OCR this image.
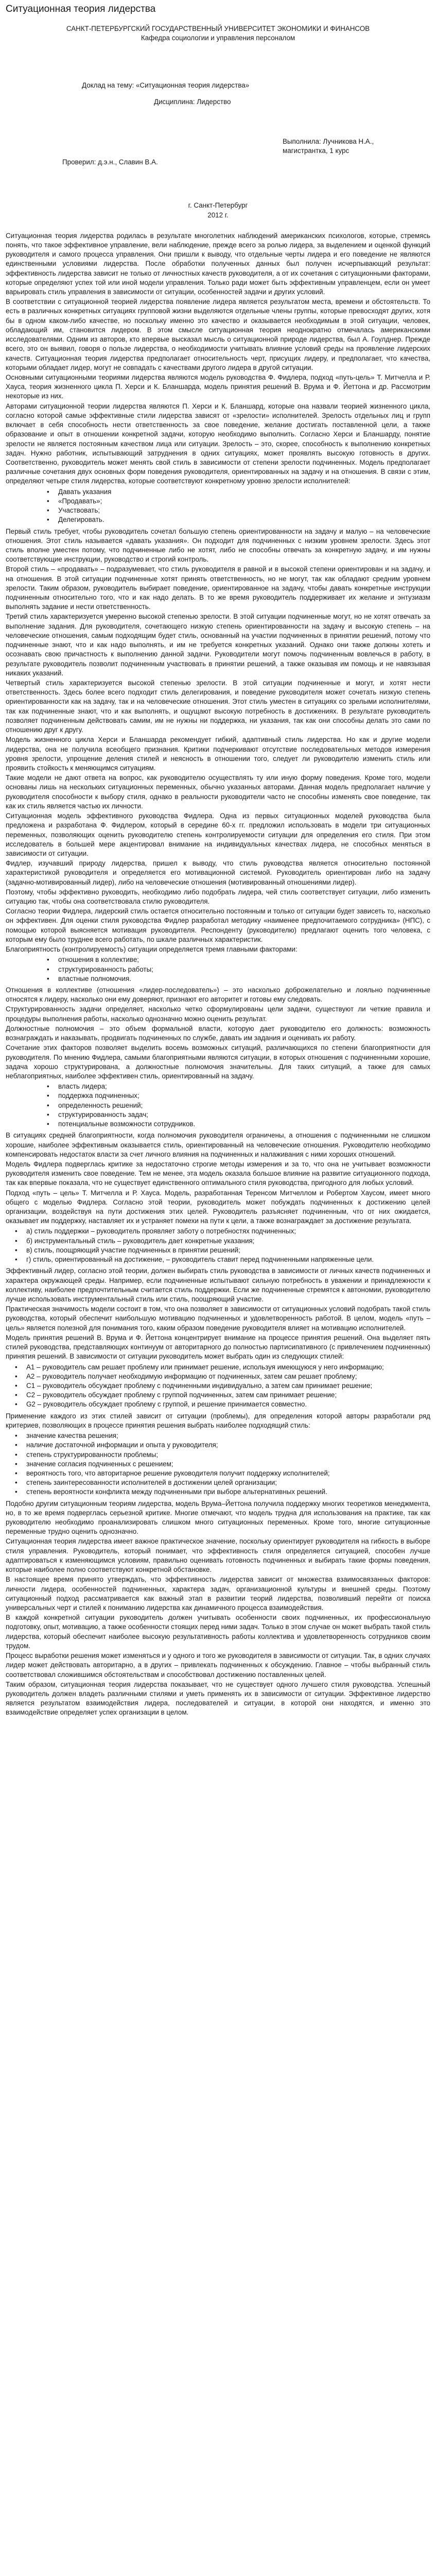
Ситуационная теория лидерства

САНКТ-ПЕТЕРБУРГСКИЙ ГОСУДАРСТВЕННЫЙ УНИВЕРСИТЕТ ЭКОНОМИКИ И ФИНАНСОВ

Кафедра социологии и управления персоналом

Доклад на тему: «Ситуационная теория лидерства»

Дисциплина: Лидерство

Выполнила: Лучникова Н.А.,

магистрантка, 1 курс

Проверил: д.э.н., Славин В.А.

г. Санкт-Петербург

2012 г.

Ситуационная теория лидерства родилась в результате многолетних наблюдений американских психологов, которые, стремясь понять, что такое эффективное управление, вели наблюдение, прежде всего за ролью лидера, за выделением и оценкой функций руководителя и самого процесса управления. Они пришли к выводу, что отдельные черты лидера и его поведение не являются единственными условиями лидерства. После обработки полученных данных был получен исчерпывающий результат: эффективность лидерства зависит не только от личностных качеств руководителя, а от их сочетания с ситуационными факторами, которые определяют успех той или иной модели управления. Только ради может быть эффективным управленцем, если он умеет варьировать стиль управления в зависимости от ситуации, особенностей задачи и других условий.

В соответствии с ситуационной теорией лидерства появление лидера является результатом места, времени и обстоятельств. То есть в различных конкретных ситуациях групповой жизни выделяются отдельные члены группы, которые превосходят других, хотя бы в одном каком-либо качестве, но поскольку именно это качество и оказывается необходимым в этой ситуации, человек, обладающий им, становится лидером. В этом смысле ситуационная теория неоднократно отмечалась американскими исследователями. Одним из авторов, кто впервые высказал мысль о ситуационной природе лидерства, был А. Гоулднер. Прежде всего, это он выявил, говоря о пользе лидерства, о необходимости учитывать влияние условий среды на проявление лидерских качеств. Ситуационная теория лидерства предполагает относительность черт, присущих лидеру, и предполагает, что качества, которыми обладает лидер, могут не совпадать с качествами другого лидера в другой ситуации.

Основными ситуационными теориями лидерства являются модель руководства Ф. Фидлера, подход «путь-цель» Т. Митчелла и Р. Хауса, теория жизненного цикла П. Херси и К. Бланшарда, модель принятия решений В. Врума и Ф. Йеттона и др. Рассмотрим некоторые из них.

Авторами ситуационной теории лидерства являются П. Херси и К. Бланшард, которые она назвали теорией жизненного цикла, согласно которой самые эффективные стили лидерства зависят от «зрелости» исполнителей. Зрелость отдельных лиц и групп включает в себя способность нести ответственность за свое поведение, желание достигать поставленной цели, а также образование и опыт в отношении конкретной задачи, которую необходимо выполнить. Согласно Херси и Бланшарду, понятие зрелости не является постоянным качеством лица или ситуации. Зрелость – это, скорее, способность к выполнению конкретных задач. Нужно работник, испытывающий затруднения в одних ситуациях, может проявлять высокую готовность в других. Соответственно, руководитель может менять свой стиль в зависимости от степени зрелости подчиненных. Модель предполагает различные сочетания двух основных форм поведения руководителя, ориентированных на задачу и на отношения. В связи с этим, определяют четыре стиля лидерства, которые соответствуют конкретному уровню зрелости исполнителей:

• Давать указания
• «Продавать»;
• Участвовать;
• Делегировать.

Первый стиль требует, чтобы руководитель сочетал большую степень ориентированности на задачу и малую – на человеческие отношения. Этот стиль называется «давать указания». Он подходит для подчиненных с низким уровнем зрелости. Здесь этот стиль вполне уместен потому, что подчиненные либо не хотят, либо не способны отвечать за конкретную задачу, и им нужны соответствующие инструкции, руководство и строгий контроль.

Второй стиль – «продавать» – подразумевает, что стиль руководителя в равной и в высокой степени ориентирован и на задачу, и на отношения. В этой ситуации подчиненные хотят принять ответственность, но не могут, так как обладают средним уровнем зрелости. Таким образом, руководитель выбирает поведение, ориентированное на задачу, чтобы давать конкретные инструкции подчиненным относительно того, что и как надо делать. В то же время руководитель поддерживает их желание и энтузиазм выполнять задание и нести ответственность.

Третий стиль характеризуется умеренно высокой степенью зрелости. В этой ситуации подчиненные могут, но не хотят отвечать за выполнение задания. Для руководителя, сочетающего низкую степень ориентированности на задачу и высокую степень – на человеческие отношения, самым подходящим будет стиль, основанный на участии подчиненных в принятии решений, потому что подчиненные знают, что и как надо выполнять, и им не требуется конкретных указаний. Однако они также должны хотеть и осознавать свою причастность к выполнению данной задачи. Руководители могут помочь подчиненным вовлечься в работу, в результате руководитель позволит подчиненным участвовать в принятии решений, а также оказывая им помощь и не навязывая никаких указаний.

Четвертый стиль характеризуется высокой степенью зрелости. В этой ситуации подчиненные и могут, и хотят нести ответственность. Здесь более всего подходит стиль делегирования, и поведение руководителя может сочетать низкую степень ориентированности как на задачу, так и на человеческие отношения. Этот стиль уместен в ситуациях со зрелыми исполнителями, так как подчиненные знают, что и как выполнять, и ощущают высокую потребность в достижениях. В результате руководитель позволяет подчиненным действовать самим, им не нужны ни поддержка, ни указания, так как они способны делать это сами по отношению друг к другу.

Модель жизненного цикла Херси и Бланшарда рекомендует гибкий, адаптивный стиль лидерства. Но как и другие модели лидерства, она не получила всеобщего признания. Критики подчеркивают отсутствие последовательных методов измерения уровня зрелости, упрощение деления стилей и неясность в отношении того, следует ли руководителю изменить стиль или проявить стойкость к меняющимся ситуациям.

Такие модели не дают ответа на вопрос, как руководителю осуществлять ту или иную форму поведения. Кроме того, модели основаны лишь на нескольких ситуационных переменных, обычно указанных авторами. Данная модель предполагает наличие у руководителя способности к выбору стиля, однако в реальности руководители часто не способны изменять свое поведение, так как их стиль является частью их личности.

Ситуационная модель эффективного руководства Фидлера. Одна из первых ситуационных моделей руководства была предложена и разработана Ф. Фидлером, который в середине 60-х гг. предложил использовать в модели три ситуационных переменных, позволяющих оценить руководителю степень контролируемости ситуации для определения его стиля. При этом исследователь в большей мере акцентировал внимание на индивидуальных качествах лидера, не способных меняться в зависимости от ситуации.

Фидлер, изучавший природу лидерства, пришел к выводу, что стиль руководства является относительно постоянной характеристикой руководителя и определяется его мотивационной системой. Руководитель ориентирован либо на задачу (задачно-мотивированный лидер), либо на человеческие отношения (мотивированный отношениями лидер).

Поэтому, чтобы эффективно руководить, необходимо либо подобрать лидера, чей стиль соответствует ситуации, либо изменить ситуацию так, чтобы она соответствовала стилю руководителя.

Согласно теории Фидлера, лидерский стиль остается относительно постоянным и только от ситуации будет зависеть то, насколько он эффективен. Для оценки стиля руководства Фидлер разработал методику «наименее предпочитаемого сотрудника» (НПС), с помощью которой выясняется мотивация руководителя. Респонденту (руководителю) предлагают оценить того человека, с которым ему было труднее всего работать, по шкале различных характеристик.

Благоприятность (контролируемость) ситуации определяется тремя главными факторами:

• отношения в коллективе;
• структурированность работы;
• властные полномочия.

Отношения в коллективе (отношения «лидер-последователь») – это насколько доброжелательно и лояльно подчиненные относятся к лидеру, насколько они ему доверяют, признают его авторитет и готовы ему следовать.

Структурированность задачи определяет, насколько четко сформулированы цели задачи, существуют ли четкие правила и процедуры выполнения работы, насколько однозначно можно оценить результат.

Должностные полномочия – это объем формальной власти, которую дает руководителю его должность: возможность вознаграждать и наказывать, продвигать подчиненных по службе, давать им задания и оценивать их работу.

Сочетание этих факторов позволяет выделить восемь возможных ситуаций, различающихся по степени благоприятности для руководителя. По мнению Фидлера, самыми благоприятными являются ситуации, в которых отношения с подчиненными хорошие, задача хорошо структурирована, а должностные полномочия значительны. Для таких ситуаций, а также для самых неблагоприятных, наиболее эффективен стиль, ориентированный на задачу.

• власть лидера;
• поддержка подчиненных;
• определенность решений;
• структурированность задач;
• потенциальные возможности сотрудников.

В ситуациях средней благоприятности, когда полномочия руководителя ограничены, а отношения с подчиненными не слишком хорошие, наиболее эффективным оказывается стиль, ориентированный на человеческие отношения. Руководителю необходимо компенсировать недостаток власти за счет личного влияния на подчиненных и налаживания с ними хороших отношений.

Модель Фидлера подверглась критике за недостаточно строгие методы измерения и за то, что она не учитывает возможности руководителя изменить свое поведение. Тем не менее, эта модель оказала большое влияние на развитие ситуационного подхода, так как впервые показала, что не существует единственного оптимального стиля руководства, пригодного для любых условий.

Подход «путь – цель» Т. Митчелла и Р. Хауса. Модель, разработанная Теренсом Митчеллом и Робертом Хаусом, имеет много общего с моделью Фидлера. Согласно этой теории, руководитель может побуждать подчиненных к достижению целей организации, воздействуя на пути достижения этих целей. Руководитель разъясняет подчиненным, что от них ожидается, оказывает им поддержку, наставляет их и устраняет помехи на пути к цели, а также вознаграждает за достижение результата.

• а) стиль поддержки – руководитель проявляет заботу о потребностях подчиненных;
• б) инструментальный стиль – руководитель дает конкретные указания;
• в) стиль, поощряющий участие подчиненных в принятии решений;
• г) стиль, ориентированный на достижение, – руководитель ставит перед подчиненными напряженные цели.

Эффективный лидер, согласно этой теории, должен выбирать стиль руководства в зависимости от личных качеств подчиненных и характера окружающей среды. Например, если подчиненные испытывают сильную потребность в уважении и принадлежности к коллективу, наиболее предпочтительным считается стиль поддержки. Если же подчиненные стремятся к автономии, руководителю лучше использовать инструментальный стиль или стиль, поощряющий участие.

Практическая значимость модели состоит в том, что она позволяет в зависимости от ситуационных условий подобрать такой стиль руководства, который обеспечит наибольшую мотивацию подчиненных и удовлетворенность работой. В целом, модель «путь – цель» является полезной для понимания того, каким образом поведение руководителя влияет на мотивацию исполнителей.

Модель принятия решений В. Врума и Ф. Йеттона концентрирует внимание на процессе принятия решений. Она выделяет пять стилей руководства, представляющих континуум от авторитарного до полностью партисипативного (с привлечением подчиненных) принятия решений. В зависимости от ситуации руководитель может выбрать один из следующих стилей:

• А1 – руководитель сам решает проблему или принимает решение, используя имеющуюся у него информацию;
• А2 – руководитель получает необходимую информацию от подчиненных, затем сам решает проблему;
• С1 – руководитель обсуждает проблему с подчиненными индивидуально, а затем сам принимает решение;
• С2 – руководитель обсуждает проблему с группой подчиненных, затем сам принимает решение;
• G2 – руководитель обсуждает проблему с группой, и решение принимается совместно.

Применение каждого из этих стилей зависит от ситуации (проблемы), для определения которой авторы разработали ряд критериев, позволяющих в процессе принятия решения выбрать наиболее подходящий стиль:

• значение качества решения;
• наличие достаточной информации и опыта у руководителя;
• степень структурированности проблемы;
• значение согласия подчиненных с решением;
• вероятность того, что авторитарное решение руководителя получит поддержку исполнителей;
• степень заинтересованности исполнителей в достижении целей организации;
• степень вероятности конфликта между подчиненными при выборе альтернативных решений.

Подобно другим ситуационным теориям лидерства, модель Врума–Йеттона получила поддержку многих теоретиков менеджмента, но, в то же время подверглась серьезной критике. Многие отмечают, что модель трудна для использования на практике, так как руководителю необходимо проанализировать слишком много ситуационных переменных. Кроме того, многие ситуационные переменные трудно оценить однозначно.

Ситуационная теория лидерства имеет важное практическое значение, поскольку ориентирует руководителя на гибкость в выборе стиля управления. Руководитель, который понимает, что эффективность стиля определяется ситуацией, способен лучше адаптироваться к изменяющимся условиям, правильно оценивать готовность подчиненных и выбирать такие формы поведения, которые наиболее полно соответствуют конкретной обстановке.

В настоящее время принято утверждать, что эффективность лидерства зависит от множества взаимосвязанных факторов: личности лидера, особенностей подчиненных, характера задач, организационной культуры и внешней среды. Поэтому ситуационный подход рассматривается как важный этап в развитии теорий лидерства, позволивший перейти от поиска универсальных черт и стилей к пониманию лидерства как динамичного процесса взаимодействия.

В каждой конкретной ситуации руководитель должен учитывать особенности своих подчиненных, их профессиональную подготовку, опыт, мотивацию, а также особенности стоящих перед ними задач. Только в этом случае он может выбрать такой стиль лидерства, который обеспечит наиболее высокую результативность работы коллектива и удовлетворенность сотрудников своим трудом.

Процесс выработки решения может изменяться и у одного и того же руководителя в зависимости от ситуации. Так, в одних случаях лидер может действовать авторитарно, а в других – привлекать подчиненных к обсуждению. Главное – чтобы выбранный стиль соответствовал сложившимся обстоятельствам и способствовал достижению поставленных целей.

Таким образом, ситуационная теория лидерства показывает, что не существует одного лучшего стиля руководства. Успешный руководитель должен владеть различными стилями и уметь применять их в зависимости от ситуации. Эффективное лидерство является результатом взаимодействия лидера, последователей и ситуации, в которой они находятся, и именно это взаимодействие определяет успех организации в целом.
